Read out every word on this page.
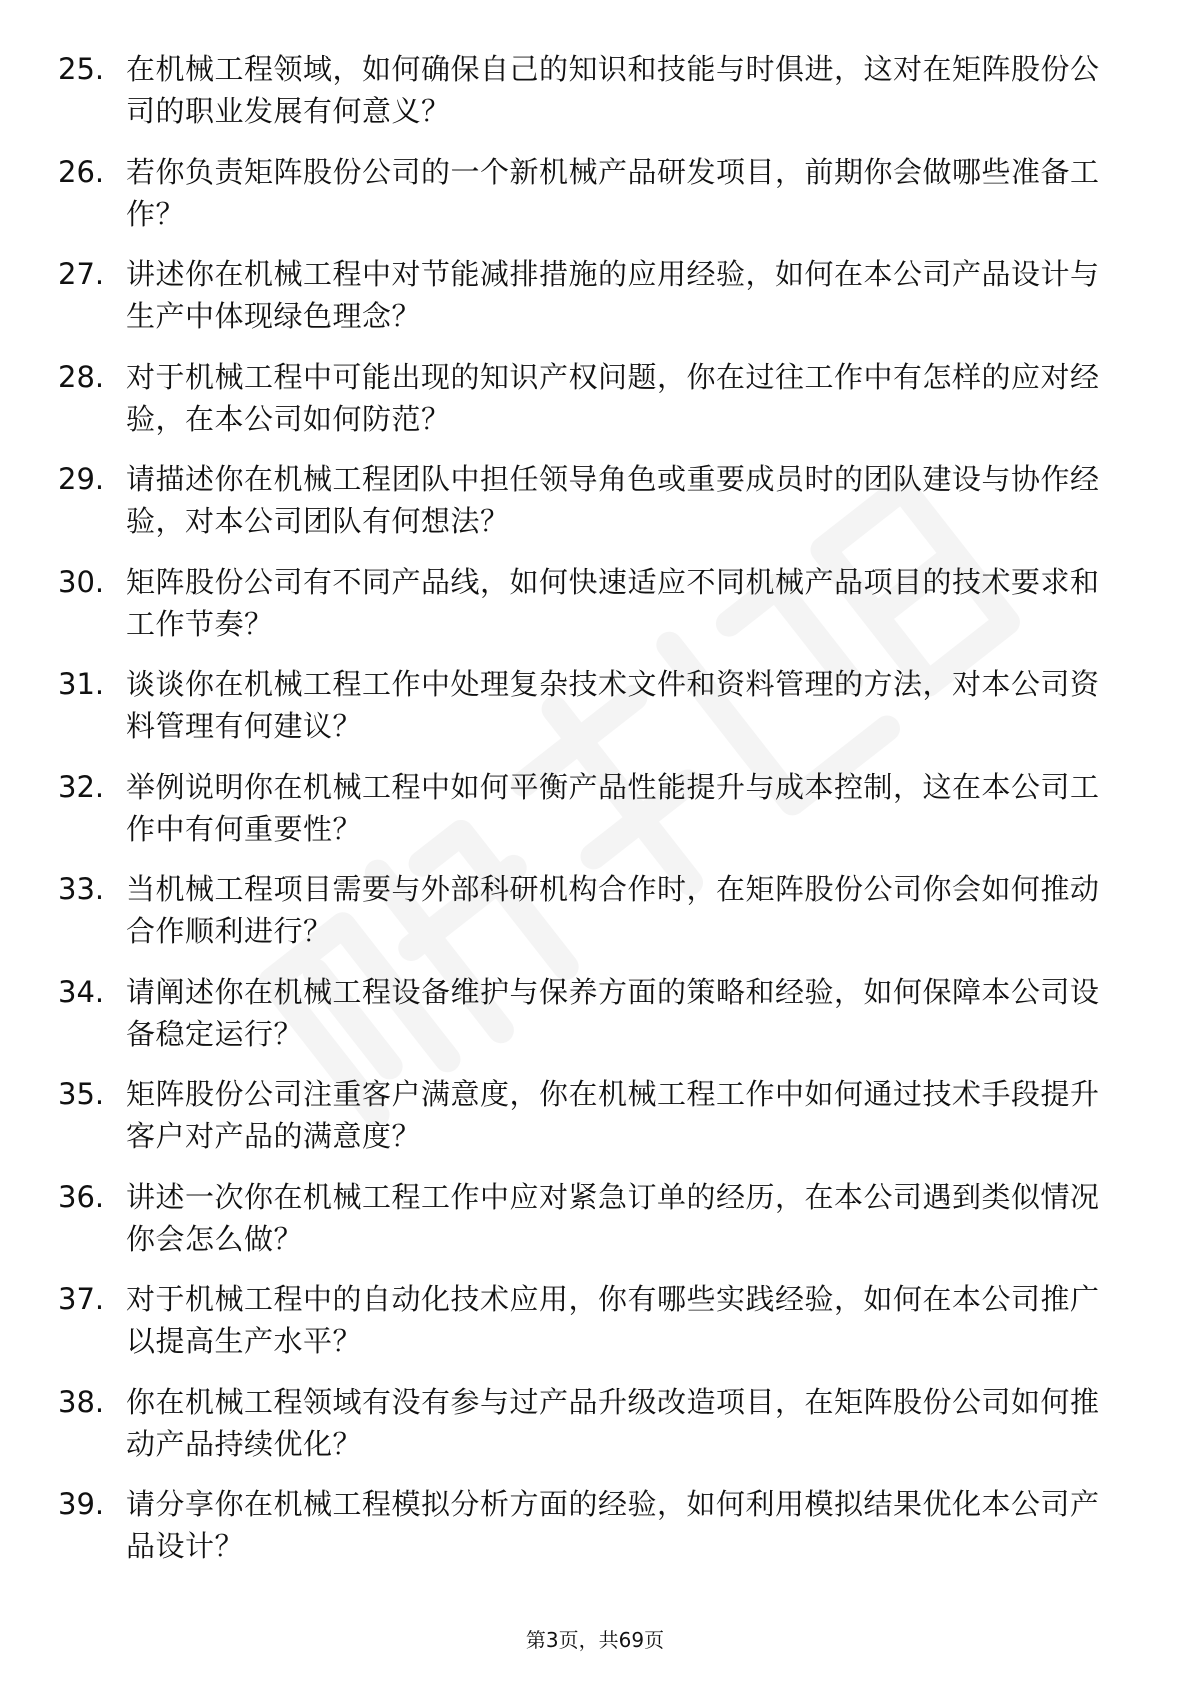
25. 在机械工程领域，如何确保自己的知识和技能与时俱进，这对在矩阵股份公司的职业发展有何意义？
26. 若你负责矩阵股份公司的一个新机械产品研发项目，前期你会做哪些准备工作？
27. 讲述你在机械工程中对节能减排措施的应用经验，如何在本公司产品设计与生产中体现绿色理念？
28. 对于机械工程中可能出现的知识产权问题，你在过往工作中有怎样的应对经验，在本公司如何防范？
29. 请描述你在机械工程团队中担任领导角色或重要成员时的团队建设与协作经验，对本公司团队有何想法？
30. 矩阵股份公司有不同产品线，如何快速适应不同机械产品项目的技术要求和工作节奏？
31. 谈谈你在机械工程工作中处理复杂技术文件和资料管理的方法，对本公司资料管理有何建议？
32. 举例说明你在机械工程中如何平衡产品性能提升与成本控制，这在本公司工作中有何重要性？
33. 当机械工程项目需要与外部科研机构合作时，在矩阵股份公司你会如何推动合作顺利进行？
34. 请阐述你在机械工程设备维护与保养方面的策略和经验，如何保障本公司设备稳定运行？
35. 矩阵股份公司注重客户满意度，你在机械工程工作中如何通过技术手段提升客户对产品的满意度？
36. 讲述一次你在机械工程工作中应对紧急订单的经历，在本公司遇到类似情况你会怎么做？
37. 对于机械工程中的自动化技术应用，你有哪些实践经验，如何在本公司推广以提高生产水平？
38. 你在机械工程领域有没有参与过产品升级改造项目，在矩阵股份公司如何推动产品持续优化？
39. 请分享你在机械工程模拟分析方面的经验，如何利用模拟结果优化本公司产品设计？
第3页，共69页
